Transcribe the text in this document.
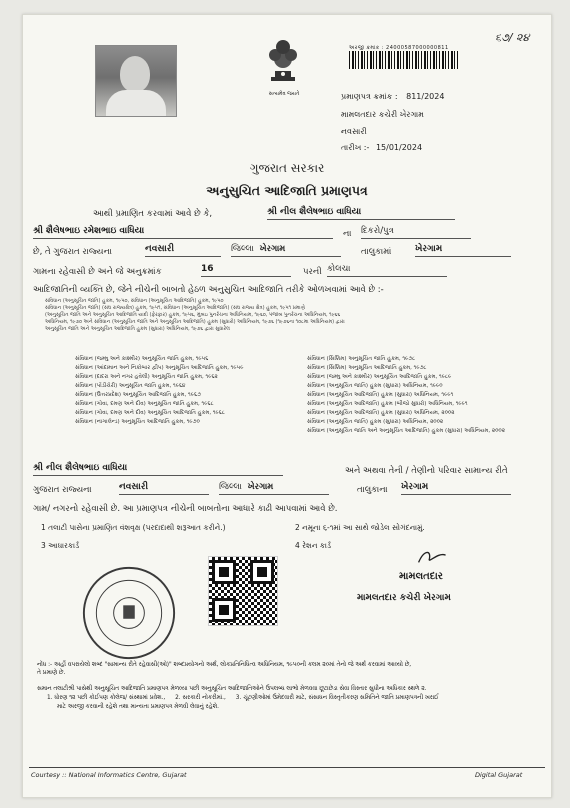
સત્યમેવ જયતે
અરજી ક્રમાંક : 24000587000000811
૬૭/ ૨૪
પ્રમાણપત્ર ક્રમાંક : 811/2024
મામલતદાર કચેરી ખેરગામ
નવસારી
તારીખ :- 15/01/2024
ગુજરાત સરકાર
અનુસુચિત આદિજાતિ પ્રમાણપત્ર
આથી પ્રમાણિત કરવામાં આવે છે કે,	શ્રી નીલ શૈલેષભાઇ વાધિયા
શ્રી શૈલેષભાઇ રમેશભાઇ વાધિયા	ના દિકરો/પુત્ર
છે, તે ગુજરાત રાજ્યના	નવસારી	જિલ્લા ખેરગામ	તાલુકામાં	ખેરગામ
ગામના રહેવાસી છે અને જે અનુક્રમાંક	16	પરની કોલચા
આદિજાતિની વ્યક્તિ છે, જેને નીચેની બાબતો હેઠળ અનુસુચિત આદિજાતિ તરીકે ઓળખવામાં આવે છે :-
સંવિધાન (અનુસૂચિત જાતિ) હુકમ, ૧૯૫૦, સંવિધાન (અનુસૂચિત આદિજાતિ) હુકમ, ૧૯૫૦
સંવિધાન (અનુસૂચિત જાતિ) (સંઘ રાજ્યક્ષેત્ર) હુકમ, ૧૯૫૧, સંવિધાન (અનુસૂચિત આદિજાતિ) (સંઘ રાજ્ય ક્ષેત્ર) હુકમ, ૧૯૫૧ પ્રમાણે
(અનુસૂચિત જાતિ અને અનુસૂચિત આદિજાતિ યાદી (ફેરફાર) હુકમ, ૧૯૫૬, મુંબઇ પુનર્રચના અધિનિયમ, ૧૯૬૦, પંજાબ પુનર્રચના અધિનિયમ, ૧૯૬૬
અધિનિયમ, ૧૯૭૦ અને સંવિધાન (અનુસૂચિત જાતિ અને અનુસૂચિત આદિજાતિ) હુકમ (સુધારો) અધિનિયમ, ૧૯૭૬ (૧૯૭૬ના ૧૦૮મા અધિનિયમ) દ્વારા
અનુસૂચિત જાતિ અને અનુસૂચિત આદિજાતિ હુકમ (સુધારા) અધિનિયમ, ૧૯૭૬ દ્વારા સુધારેલ
સંવિધાન (જમ્મુ અને કાશ્મીર) અનુસૂચિત જાતિ હુકમ, ૧૯૫૬
સંવિધાન (આંદામાન અને નિકોબાર દ્વીપ) અનુસૂચિત આદિજાતિ હુકમ, ૧૯૫૯
સંવિધાન (દાદરા અને નગર હવેલી) અનુસૂચિત જાતિ હુકમ, ૧૯૬૨
સંવિધાન (પોંડીચેરી) અનુસૂચિત જાતિ હુકમ, ૧૯૬૪
સંવિધાન (ઉત્તરપ્રદેશ) અનુસૂચિત આદિજાતિ હુકમ, ૧૯૬૭
સંવિધાન (ગોવા, દમણ અને દીવ) અનુસૂચિત જાતિ હુકમ, ૧૯૬૮
સંવિધાન (ગોવા, દમણ અને દીવ) અનુસૂચિત આદિજાતિ હુકમ, ૧૯૬૮
સંવિધાન (નાગાલેન્ડ) અનુસૂચિત આદિજાતિ હુકમ, ૧૯૭૦
સંવિધાન (સિક્કિમ) અનુસૂચિત જાતિ હુકમ, ૧૯૭૮
સંવિધાન (સિક્કિમ) અનુસૂચિત આદિજાતિ હુકમ, ૧૯૭૮
સંવિધાન (જમ્મુ અને કાશ્મીર) અનુસૂચિત આદિજાતિ હુકમ, ૧૯૮૯
સંવિધાન (અનુસૂચિત જાતિ) હુકમ (સુધારા) અધિનિયમ, ૧૯૯૦
સંવિધાન (અનુસૂચિત આદિજાતિ) હુકમ (સુધારા) અધિનિયમ, ૧૯૯૧
સંવિધાન (અનુસૂચિત આદિજાતિ) હુકમ (બીજો સુધારો) અધિનિયમ, ૧૯૯૧
સંવિધાન (અનુસૂચિત આદિજાતિ) હુકમ (સુધારા) અધિનિયમ, ૨૦૦૨
સંવિધાન (અનુસૂચિત જાતિ) હુકમ (સુધારા) અધિનિયમ, ૨૦૦૨
સંવિધાન (અનુસૂચિત જાતિ અને અનુસૂચિત આદિજાતિ) હુકમ (સુધારા) અધિનિયમ, ૨૦૦૨
શ્રી નીલ શૈલેષભાઇ વાધિયા	અને અથવા તેની / તેણીનો પરિવાર સામાન્ય રીતે
ગુજરાત રાજ્યના	નવસારી	જિલ્લા ખેરગામ	તાલુકાના ખેરગામ
ગામ/ નગરનો રહેવાસી છે. આ પ્રમાણપત્ર નીચેની બાબતોના આધારે કાઢી આપવામાં આવે છે.
1 તલાટી પાસેના પ્રમાણિત વંશવૃક્ષ (પરદાદાથી શરૂઆત કરીને.)	2 નમૂના ૬-૧માં આ સાથે જોડેલ સોગંદનામું.
3 આધારકાર્ડ	4 રેશન કાર્ડ
મામલતદાર
મામલતદાર કચેરી ખેરગામ
નોંધ :- અહીં વપરાયેલો શબ્દ "સામાન્ય રીતે રહેવાસી(ઓ)" શબ્દપ્રયોગનો અર્થ, લોકપ્રતિનિધિત્વ અધિનિયમ, ૧૯૫૦ની કલમ ૨૦માં તેનો જે અર્થ કરવામાં આવ્યો છે,
તે પ્રમાણે છે.
સમાન તલાટીશ્રી પાસેથી અનુસૂચિત આદિજાતિ પ્રમાણપત્ર મેળવ્યા પછી અનુસૂચિત આદિજાતિઓને ઉપલબ્ધ લાભો મેળવવા છૂટાછેડા સેવા વિસ્તાર સુધીના અધિકાર સ્થળે ૨.
1. ધોરણ ૧૨ પછી કોઈપણ કોલેજ/ સંસ્થામાં પ્રવેશ., 2. સરકારી નોકરીમાં., 3. ચૂંટણીઓમાં ઉમેદવારી માટે, સંસાધન વિસ્તૃતીકરણ સમિતિને જાતિ પ્રમાણપત્રની ખરાઈ
માટે અરજી કરવાની રહેશે તથા માન્યતા પ્રમાણપત્ર મેળવી લેવાનું રહેશે.
Courtesy :: National Informatics Centre, Gujarat	Digital Gujarat
